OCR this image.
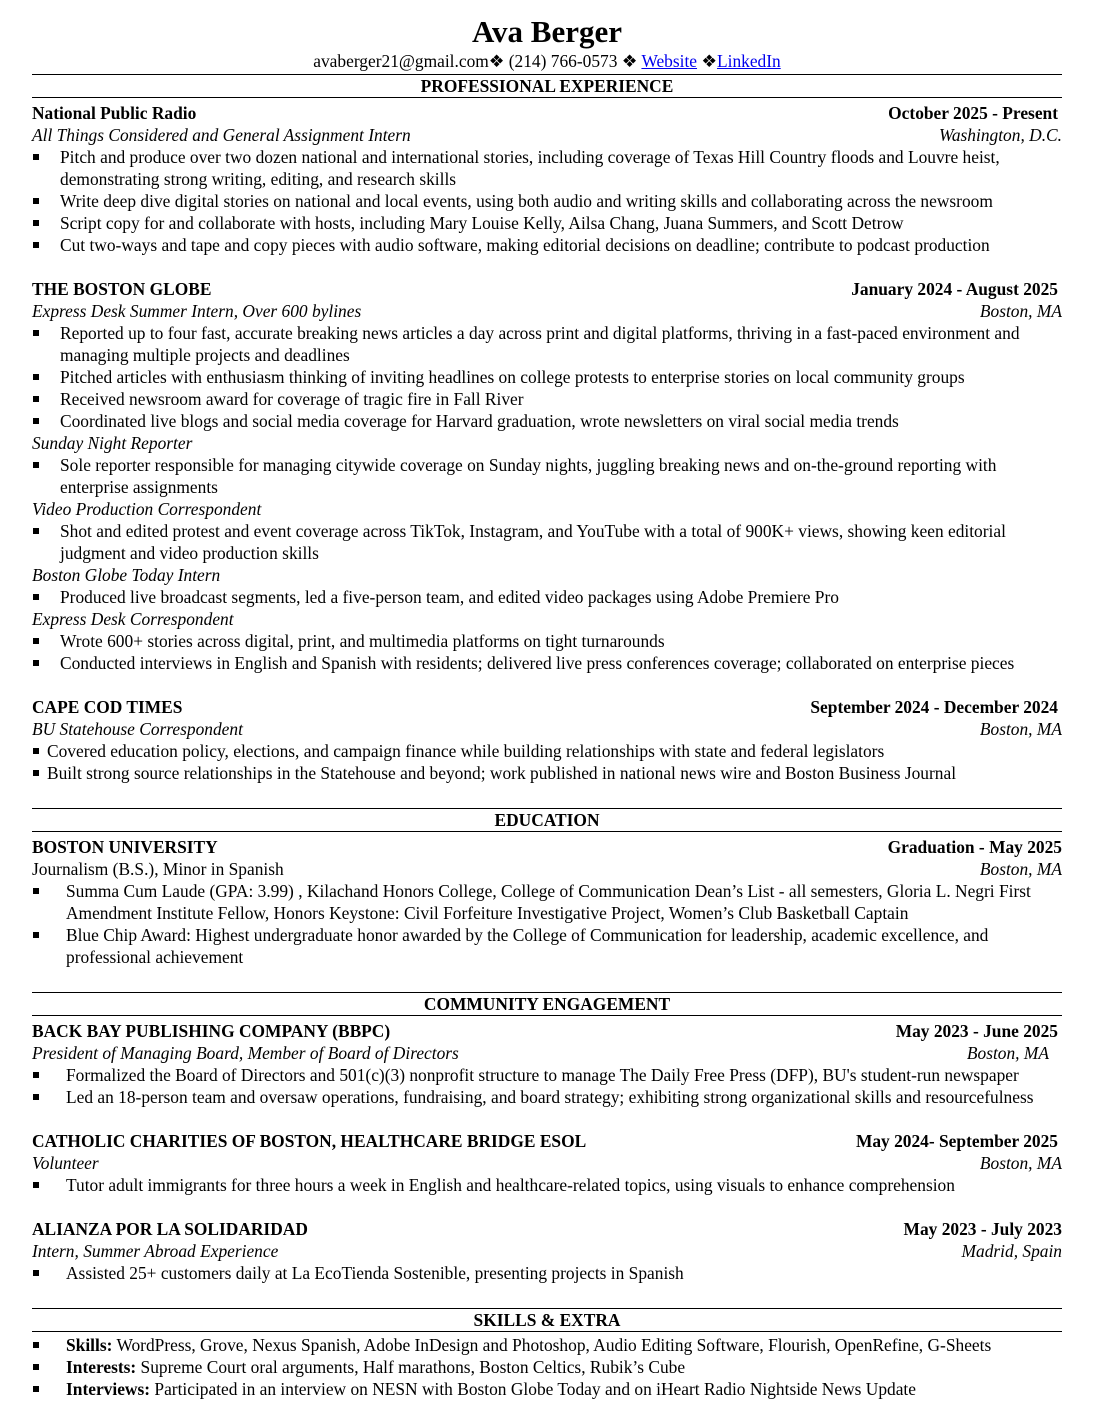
Ava Berger
avaberger21@gmail.com❖ (214) 766-0573 ❖ Website ❖LinkedIn
PROFESSIONAL EXPERIENCE
National Public Radio	October 2025 - Present
All Things Considered and General Assignment Intern	Washington, D.C.
Pitch and produce over two dozen national and international stories, including coverage of Texas Hill Country floods and Louvre heist, demonstrating strong writing, editing, and research skills
Write deep dive digital stories on national and local events, using both audio and writing skills and collaborating across the newsroom
Script copy for and collaborate with hosts, including Mary Louise Kelly, Ailsa Chang, Juana Summers, and Scott Detrow
Cut two-ways and tape and copy pieces with audio software, making editorial decisions on deadline; contribute to podcast production
THE BOSTON GLOBE	January 2024 - August 2025
Express Desk Summer Intern, Over 600 bylines	Boston, MA
Reported up to four fast, accurate breaking news articles a day across print and digital platforms, thriving in a fast-paced environment and managing multiple projects and deadlines
Pitched articles with enthusiasm thinking of inviting headlines on college protests to enterprise stories on local community groups
Received newsroom award for coverage of tragic fire in Fall River
Coordinated live blogs and social media coverage for Harvard graduation, wrote newsletters on viral social media trends
Sunday Night Reporter
Sole reporter responsible for managing citywide coverage on Sunday nights, juggling breaking news and on-the-ground reporting with enterprise assignments
Video Production Correspondent
Shot and edited protest and event coverage across TikTok, Instagram, and YouTube with a total of 900K+ views, showing keen editorial judgment and video production skills
Boston Globe Today Intern
Produced live broadcast segments, led a five-person team, and edited video packages using Adobe Premiere Pro
Express Desk Correspondent
Wrote 600+ stories across digital, print, and multimedia platforms on tight turnarounds
Conducted interviews in English and Spanish with residents; delivered live press conferences coverage; collaborated on enterprise pieces
CAPE COD TIMES	September 2024 - December 2024
BU Statehouse Correspondent	Boston, MA
Covered education policy, elections, and campaign finance while building relationships with state and federal legislators
Built strong source relationships in the Statehouse and beyond; work published in national news wire and Boston Business Journal
EDUCATION
BOSTON UNIVERSITY	Graduation - May 2025
Journalism (B.S.), Minor in Spanish	Boston, MA
Summa Cum Laude (GPA: 3.99) , Kilachand Honors College, College of Communication Dean’s List - all semesters, Gloria L. Negri First Amendment Institute Fellow, Honors Keystone: Civil Forfeiture Investigative Project, Women’s Club Basketball Captain
Blue Chip Award: Highest undergraduate honor awarded by the College of Communication for leadership, academic excellence, and professional achievement
COMMUNITY ENGAGEMENT
BACK BAY PUBLISHING COMPANY (BBPC)	May 2023 - June 2025
President of Managing Board, Member of Board of Directors	Boston, MA
Formalized the Board of Directors and 501(c)(3) nonprofit structure to manage The Daily Free Press (DFP), BU's student-run newspaper
Led an 18-person team and oversaw operations, fundraising, and board strategy; exhibiting strong organizational skills and resourcefulness
CATHOLIC CHARITIES OF BOSTON, HEALTHCARE BRIDGE ESOL	May 2024- September 2025
Volunteer	Boston, MA
Tutor adult immigrants for three hours a week in English and healthcare-related topics, using visuals to enhance comprehension
ALIANZA POR LA SOLIDARIDAD	May 2023 - July 2023
Intern, Summer Abroad Experience	Madrid, Spain
Assisted 25+ customers daily at La EcoTienda Sostenible, presenting projects in Spanish
SKILLS & EXTRA
Skills: WordPress, Grove, Nexus Spanish, Adobe InDesign and Photoshop, Audio Editing Software, Flourish, OpenRefine, G-Sheets
Interests: Supreme Court oral arguments, Half marathons, Boston Celtics, Rubik’s Cube
Interviews: Participated in an interview on NESN with Boston Globe Today and on iHeart Radio Nightside News Update
